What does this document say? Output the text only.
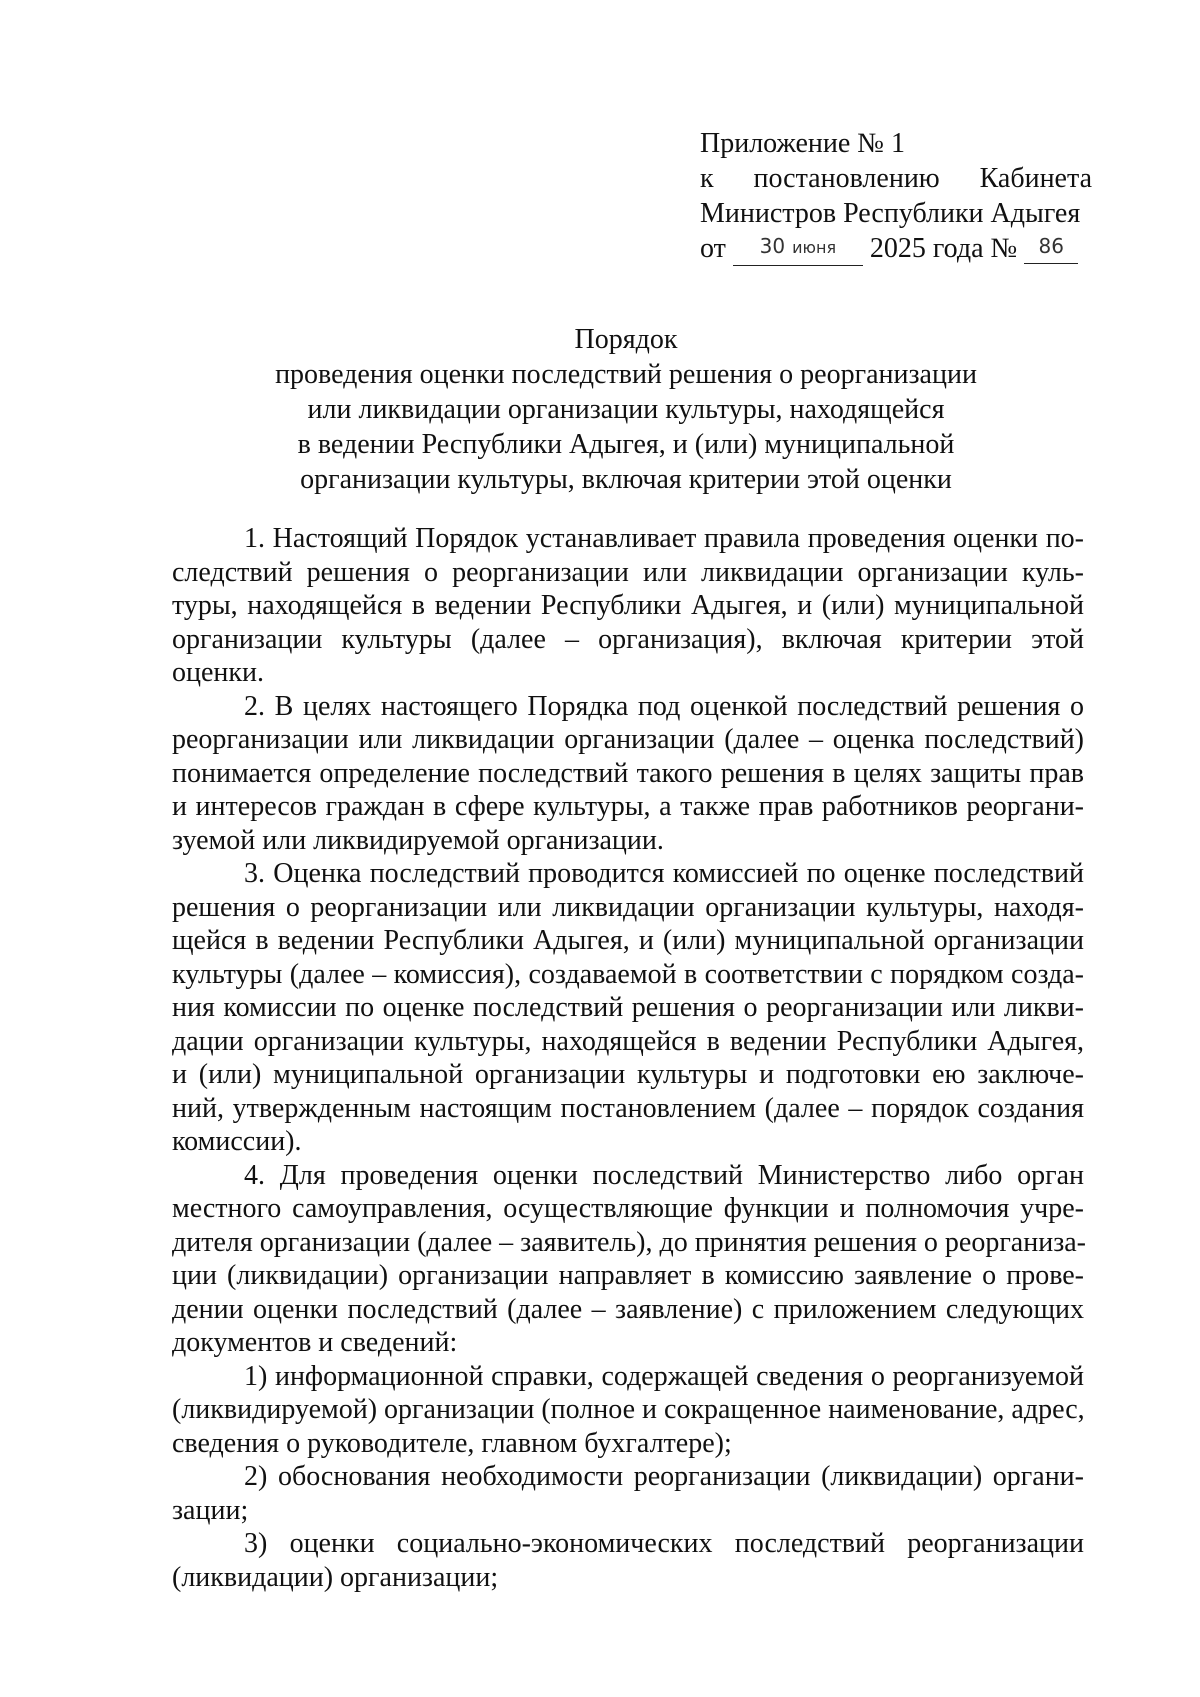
Приложение № 1
к постановлению Кабинета
Министров Республики Адыгея
от 30 июня 2025 года № 86
Порядок
проведения оценки последствий решения о реорганизации
или ликвидации организации культуры, находящейся
в ведении Республики Адыгея, и (или) муниципальной
организации культуры, включая критерии этой оценки

1. Настоящий Порядок устанавливает правила проведения оценки по-
следствий решения о реорганизации или ликвидации организации куль-
туры, находящейся в ведении Республики Адыгея, и (или) муниципальной
организации культуры (далее – организация), включая критерии этой
оценки.

2. В целях настоящего Порядка под оценкой последствий решения о
реорганизации или ликвидации организации (далее – оценка последствий)
понимается определение последствий такого решения в целях защиты прав
и интересов граждан в сфере культуры, а также прав работников реоргани-
зуемой или ликвидируемой организации.

3. Оценка последствий проводится комиссией по оценке последствий
решения о реорганизации или ликвидации организации культуры, находя-
щейся в ведении Республики Адыгея, и (или) муниципальной организации
культуры (далее – комиссия), создаваемой в соответствии с порядком созда-
ния комиссии по оценке последствий решения о реорганизации или ликви-
дации организации культуры, находящейся в ведении Республики Адыгея,
и (или) муниципальной организации культуры и подготовки ею заключе-
ний, утвержденным настоящим постановлением (далее – порядок создания
комиссии).

4. Для проведения оценки последствий Министерство либо орган
местного самоуправления, осуществляющие функции и полномочия учре-
дителя организации (далее – заявитель), до принятия решения о реорганиза-
ции (ликвидации) организации направляет в комиссию заявление о прове-
дении оценки последствий (далее – заявление) с приложением следующих
документов и сведений:

1) информационной справки, содержащей сведения о реорганизуемой
(ликвидируемой) организации (полное и сокращенное наименование, адрес,
сведения о руководителе, главном бухгалтере);

2) обоснования необходимости реорганизации (ликвидации) органи-
зации;

3) оценки социально-экономических последствий реорганизации
(ликвидации) организации;
